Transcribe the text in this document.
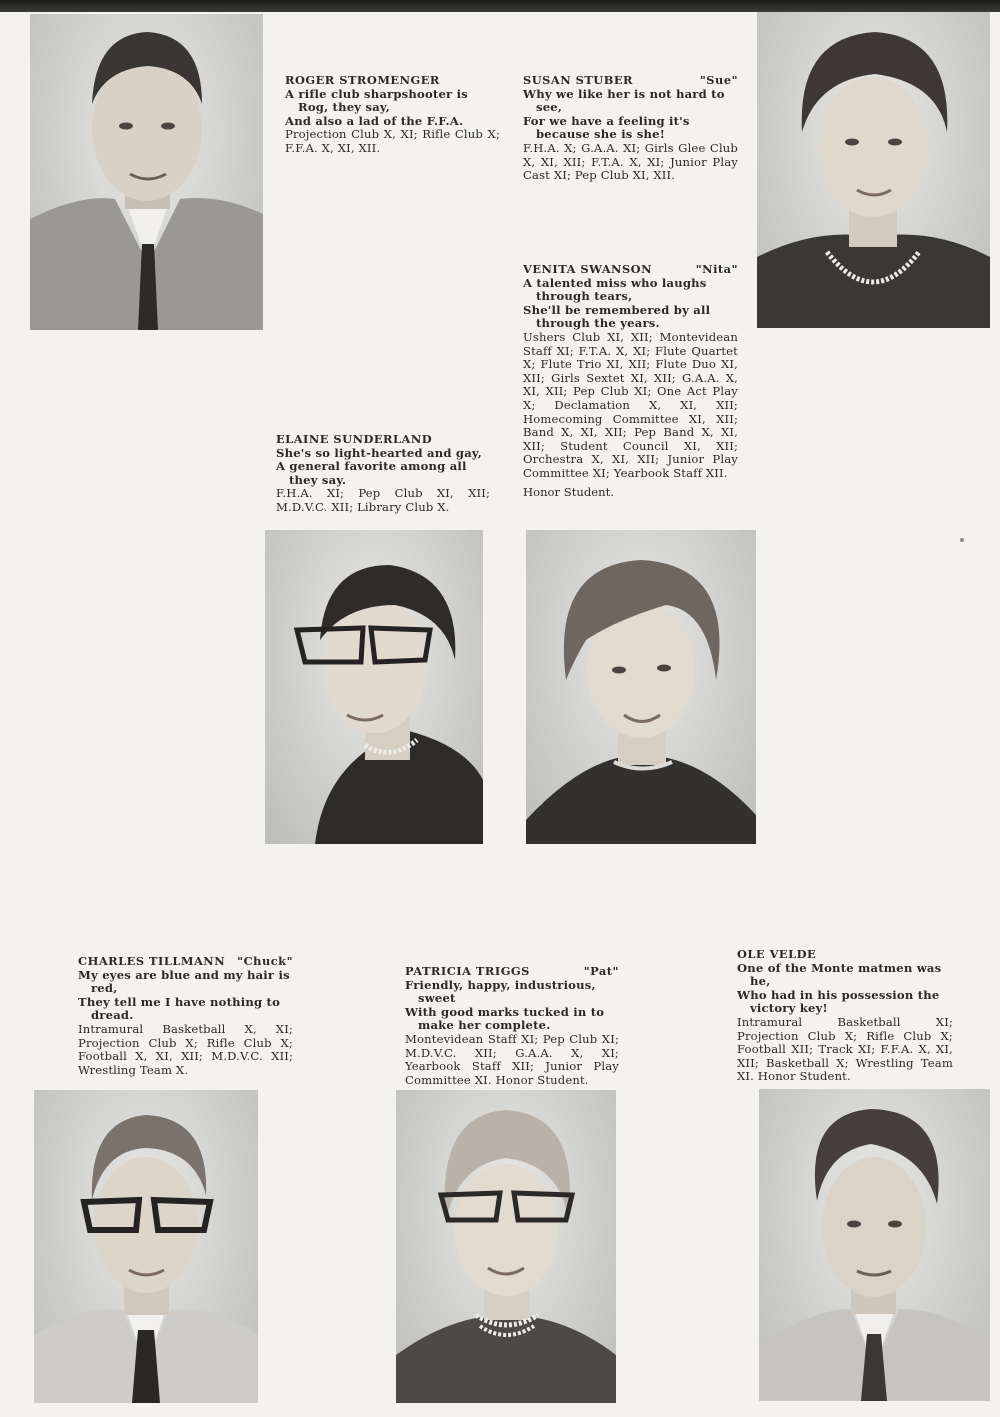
ROGER STROMENGER
A rifle club sharpshooter is Rog, they say,
And also a lad of the F.F.A.
Projection Club X, XI; Rifle Club X; F.F.A. X, XI, XII.
SUSAN STUBER	"Sue"
Why we like her is not hard to see,
For we have a feeling it's because she is she!
F.H.A. X; G.A.A. XI; Girls Glee Club X, XI, XII; F.T.A. X, XI; Junior Play Cast XI; Pep Club XI, XII.
VENITA SWANSON	"Nita"
A talented miss who laughs through tears,
She'll be remembered by all through the years.
Ushers Club XI, XII; Montevidean Staff XI; F.T.A. X, XI; Flute Quartet X; Flute Trio XI, XII; Flute Duo XI, XII; Girls Sextet XI, XII; G.A.A. X, XI, XII; Pep Club XI; One Act Play X; Declamation X, XI, XII; Homecoming Committee XI, XII; Band X, XI, XII; Pep Band X, XI, XII; Student Council XI, XII; Orchestra X, XI, XII; Junior Play Committee XI; Yearbook Staff XII.
Honor Student.
ELAINE SUNDERLAND
She's so light-hearted and gay,
A general favorite among all they say.
F.H.A. XI; Pep Club XI, XII; M.D.V.C. XII; Library Club X.
CHARLES TILLMANN "Chuck"
My eyes are blue and my hair is red,
They tell me I have nothing to dread.
Intramural Basketball X, XI; Projection Club X; Rifle Club X; Football X, XI, XII; M.D.V.C. XII; Wrestling Team X.
PATRICIA TRIGGS	"Pat"
Friendly, happy, industrious, sweet
With good marks tucked in to make her complete.
Montevidean Staff XI; Pep Club XI; M.D.V.C. XII; G.A.A. X, XI; Yearbook Staff XII; Junior Play Committee XI. Honor Student.
OLE VELDE
One of the Monte matmen was he,
Who had in his possession the victory key!
Intramural Basketball XI; Projection Club X; Rifle Club X; Football XII; Track XI; F.F.A. X, XI, XII; Basketball X; Wrestling Team XI. Honor Student.
